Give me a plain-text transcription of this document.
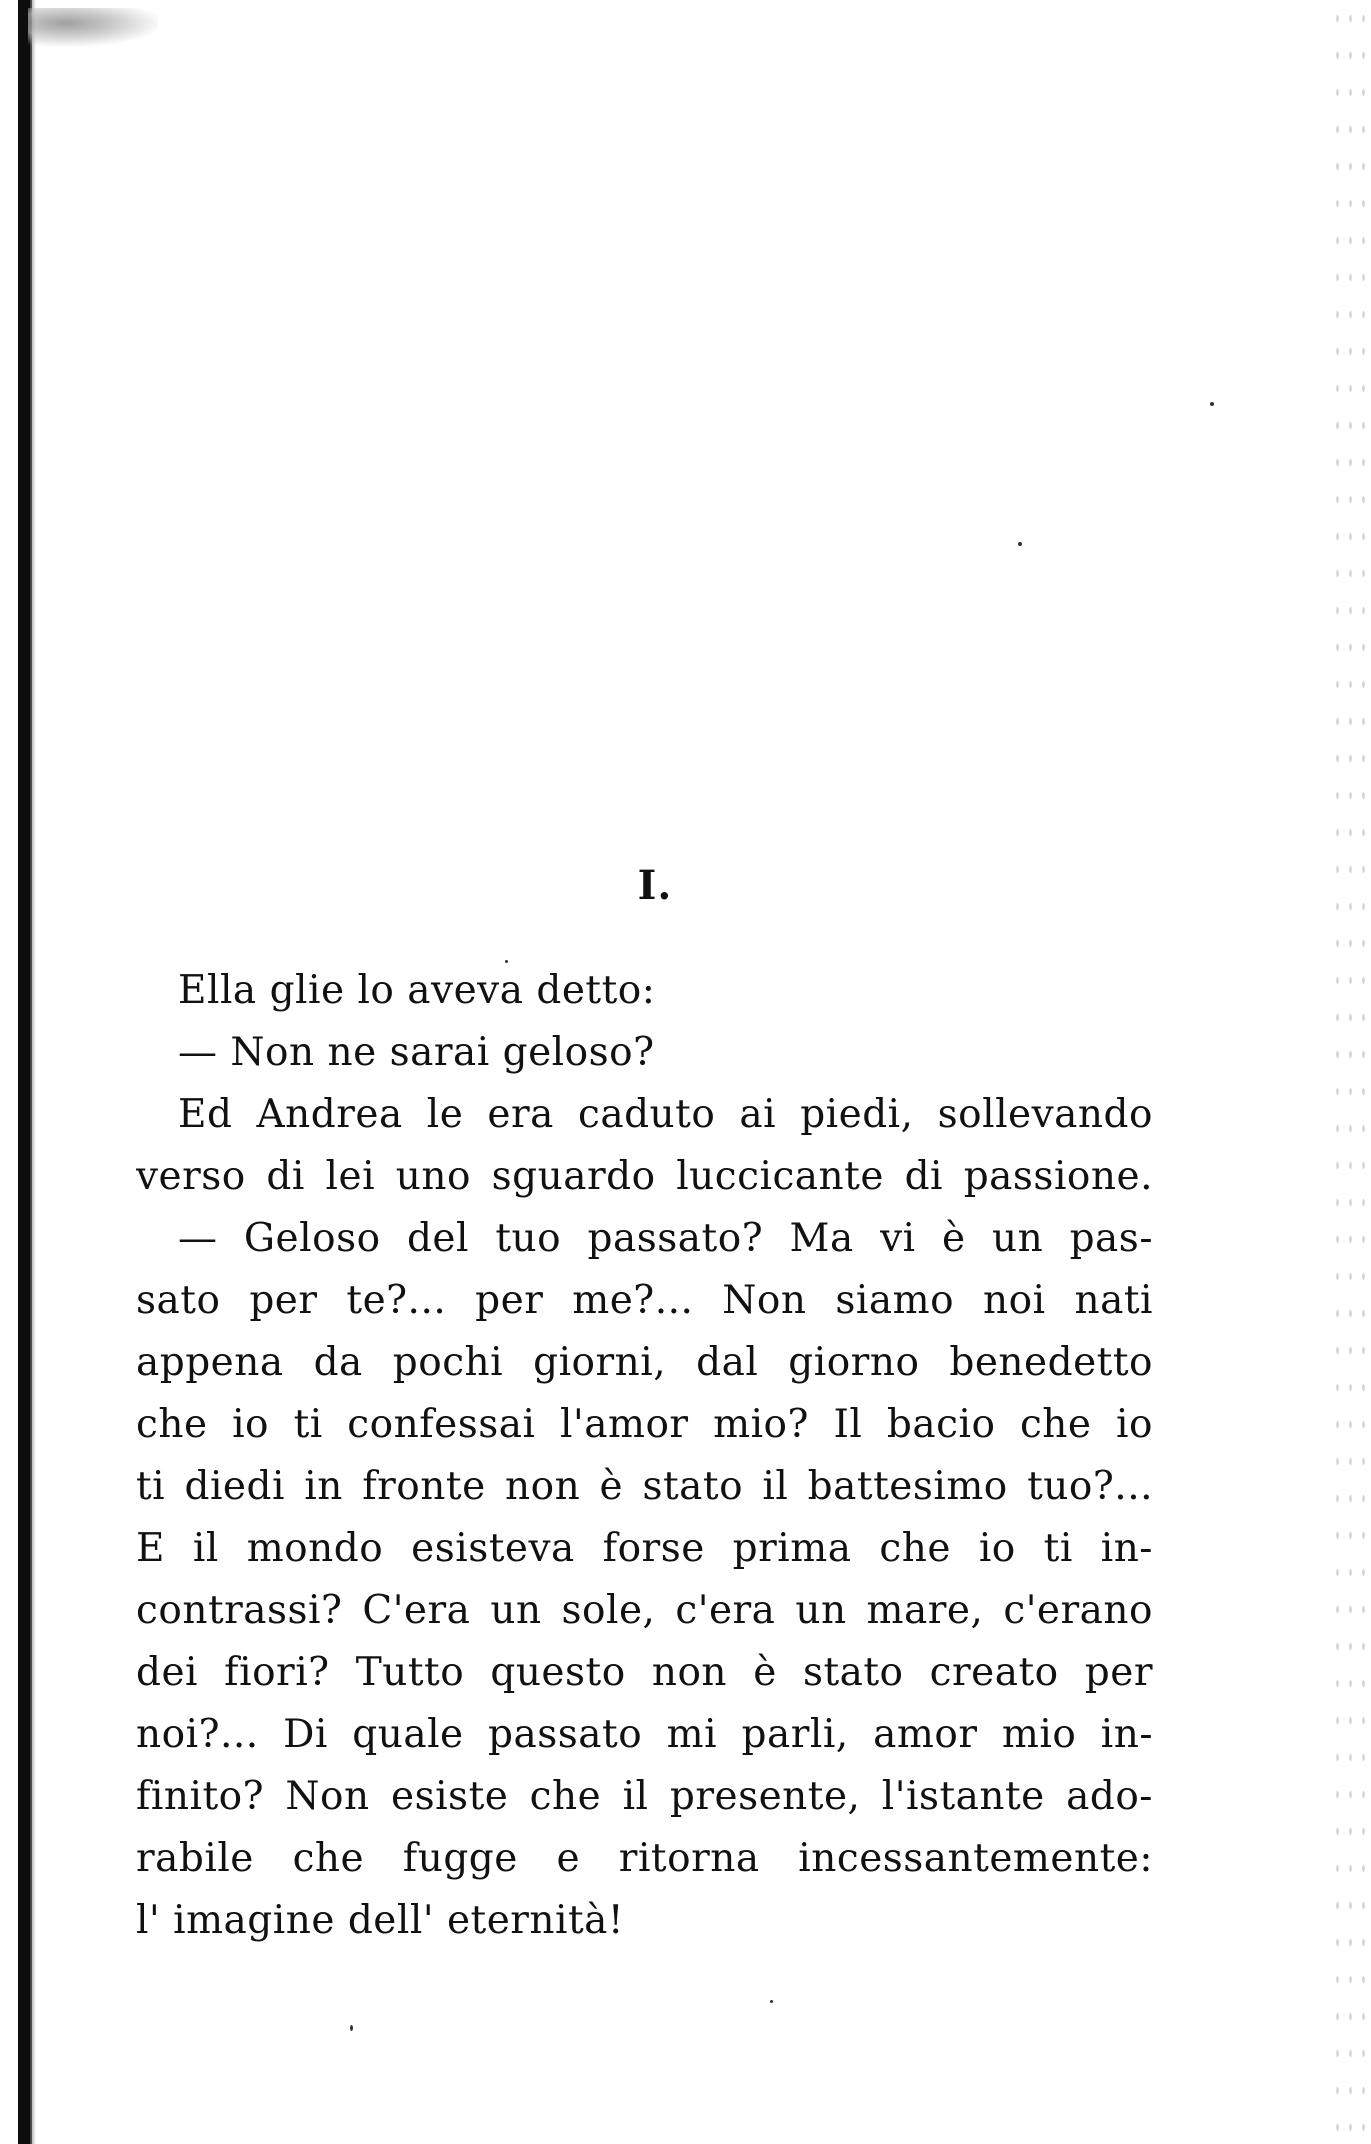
I.
Ella glie lo aveva detto:
— Non ne sarai geloso?
Ed Andrea le era caduto ai piedi, sollevando
verso di lei uno sguardo luccicante di passione.
— Geloso del tuo passato? Ma vi è un pas-
sato per te?... per me?... Non siamo noi nati
appena da pochi giorni, dal giorno benedetto
che io ti confessai l'amor mio? Il bacio che io
ti diedi in fronte non è stato il battesimo tuo?...
E il mondo esisteva forse prima che io ti in-
contrassi? C'era un sole, c'era un mare, c'erano
dei fiori? Tutto questo non è stato creato per
noi?... Di quale passato mi parli, amor mio in-
finito? Non esiste che il presente, l'istante ado-
rabile che fugge e ritorna incessantemente:
l' imagine dell' eternità!
